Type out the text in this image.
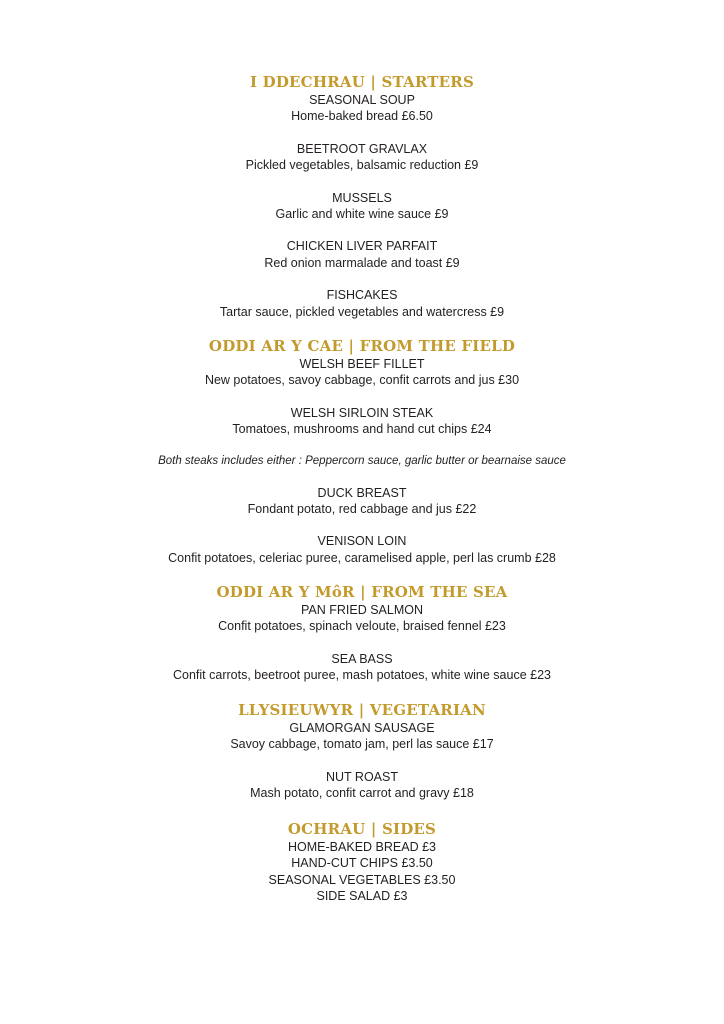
I DDECHRAU | STARTERS
SEASONAL SOUP
Home-baked bread £6.50
BEETROOT GRAVLAX
Pickled vegetables, balsamic reduction £9
MUSSELS
Garlic and white wine sauce £9
CHICKEN LIVER PARFAIT
Red onion marmalade and toast £9
FISHCAKES
Tartar sauce, pickled vegetables and watercress £9
ODDI AR Y CAE | FROM THE FIELD
WELSH BEEF FILLET
New potatoes, savoy cabbage, confit carrots and jus £30
WELSH SIRLOIN STEAK
Tomatoes, mushrooms and hand cut chips £24
Both steaks includes either : Peppercorn sauce, garlic butter or bearnaise sauce
DUCK BREAST
Fondant potato, red cabbage and jus £22
VENISON LOIN
Confit potatoes, celeriac puree, caramelised apple, perl las crumb £28
ODDI AR Y MôR | FROM THE SEA
PAN FRIED SALMON
Confit potatoes, spinach veloute, braised fennel £23
SEA BASS
Confit carrots, beetroot puree, mash potatoes, white wine sauce £23
LLYSIEUWYR | VEGETARIAN
GLAMORGAN SAUSAGE
Savoy cabbage, tomato jam, perl las sauce £17
NUT ROAST
Mash potato, confit carrot and gravy £18
OCHRAU | SIDES
HOME-BAKED BREAD £3
HAND-CUT CHIPS £3.50
SEASONAL VEGETABLES £3.50
SIDE SALAD £3
